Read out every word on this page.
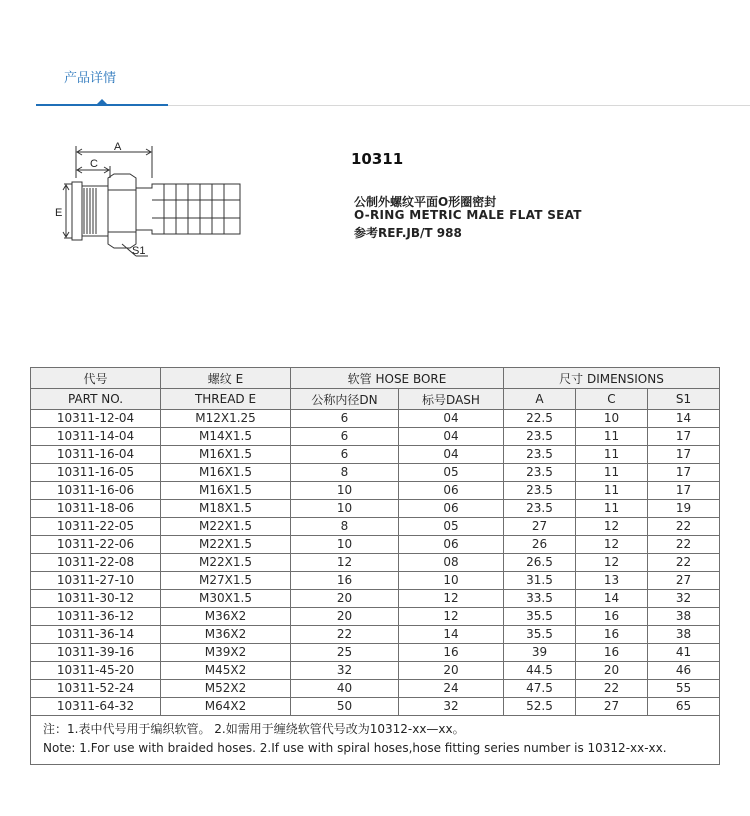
产品详情
A
C
E
S1
10311
公制外螺纹平面O形圈密封
O-RING METRIC MALE FLAT SEAT
参考REF.JB/T 988
代号	螺纹 E	软管 HOSE BORE		尺寸 DIMENSIONS		
PART NO.	THREAD E	公称内径DN	标号DASH	A	C	S1
10311-12-04	M12X1.25	6	04	22.5	10	14
10311-14-04	M14X1.5	6	04	23.5	11	17
10311-16-04	M16X1.5	6	04	23.5	11	17
10311-16-05	M16X1.5	8	05	23.5	11	17
10311-16-06	M16X1.5	10	06	23.5	11	17
10311-18-06	M18X1.5	10	06	23.5	11	19
10311-22-05	M22X1.5	8	05	27	12	22
10311-22-06	M22X1.5	10	06	26	12	22
10311-22-08	M22X1.5	12	08	26.5	12	22
10311-27-10	M27X1.5	16	10	31.5	13	27
10311-30-12	M30X1.5	20	12	33.5	14	32
10311-36-12	M36X2	20	12	35.5	16	38
10311-36-14	M36X2	22	14	35.5	16	38
10311-39-16	M39X2	25	16	39	16	41
10311-45-20	M45X2	32	20	44.5	20	46
10311-52-24	M52X2	40	24	47.5	22	55
10311-64-32	M64X2	50	32	52.5	27	65

注：1.表中代号用于编织软管。 2.如需用于缠绕软管代号改为10312-xx—xx。
Note: 1.For use with braided hoses. 2.If use with spiral hoses,hose fitting series number is 10312-xx-xx.						
